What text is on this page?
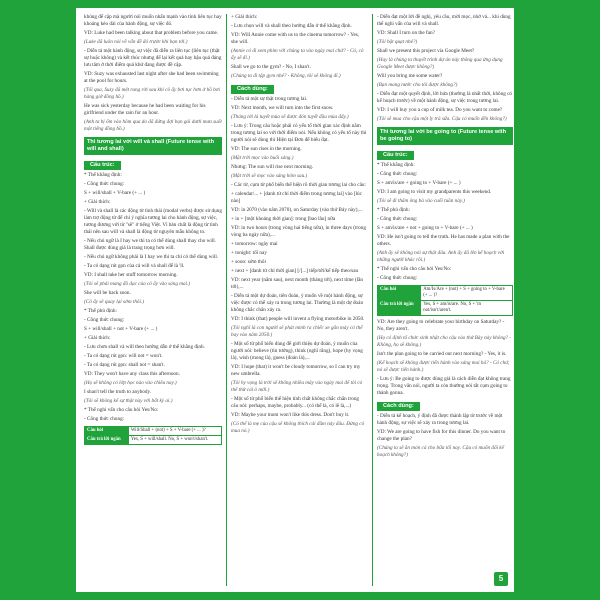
khủng để cập mà người nói muốn nhấn mạnh vào tính liên tục hay khoảng kéo dài của hành động, sự việc đó.

VD: Luke had been talking about that problem before you came.

(Luke đã luôn nói về vấn đề đó trước khi bạn tới.)

- Diễn tả một hành động, sự việc đã diễn ra liên tục (liên tục (thật sự hoặc không) và kết thúc nhưng để lại kết quả hay hậu quả đáng lưu tâm ở thời điểm quá khứ đang được đề cập.

VD: Suzy was exhausted last night after she had been swimming at the pool for hours.

(Tối qua, Suzy đã mệt rung rời sau khi cô ấy bơi tục hơn ở hồ bơi hàng giờ đồng hồ.)

He was sick yesterday because he had been waiting for his girlfriend under the rain for an hour.

(Anh ta bị ốm vào hôm qua do đã đứng đợi bạn gái dưới mưa suốt một tiếng đồng hồ.)

Thì tương lai với will và shall (Future tense with will and shall)
Cấu trúc:

* Thể khẳng định:

- Công thức chung:

S + will/shall + V-bare (+ ... )

+ Giải thích:

- Will và shall là các động từ tình thái (modal verbs) được sử dụng làm trợ động từ để chỉ ý nghĩa tương lai cho hành động, sự việc, tương đương với từ "sẽ" ở tiếng Việt. Vì bản chất là động từ tình thái nên sau will và shall là động từ nguyên mẫu không to.

- Nếu chủ ngữ là I hay we thì ta có thể dùng shall thay cho will. Shall được dùng giả là trang trọng hơn will.

- Nếu chủ ngữ không phải là I hay we thì ta chỉ có thể dùng will.

- Ta có dạng rút gọn của cả will và shall để là 'll.

VD: I shall take her stuff tomorrow morning.

(Tôi sẽ phải mang đồ đạc của cô ấy vào sáng mai.)

She will be back soon.

(Cô ấy sẽ quay lại sớm thôi.)

* Thể phủ định:

- Công thức chung:

S + will/shall + not + V-bare (+ ... )

+ Giải thích:

- Lưu chơn shall và will theo hướng dẫn ở thể khẳng định.

- Ta có dạng rút gọn: will not = won't.

- Ta có dạng rút gọn: shall not = shan't.

VD: They won't have any class this afternoon.

(Họ sẽ không có lớp học nào vào chiều nay.)

I shan't tell the truth to anybody.

(Tôi sẽ không kể sự thật này với bất kỳ ai.)

* Thể nghi vấn cho câu hỏi Yes/No:

- Công thức chung:

Câu hỏi	Will/Shall + (not) + S + V-bare (+ ... )?
Câu trả lời ngắn	Yes, S + will/shall. No, S + won't/shan't.

+ Giải thích:

- Lưu chọn will và shall theo hướng dẫn ở thể khẳng định.

VD: Will Annie come with us to the cinema tomorrow? - Yes, she will.

(Annie có đi xem phim với chúng ta vào ngày mai chứ? - Có, cô ấy sẽ đi.)

Shall we go to the gym? - No, I shan't.

(Chúng ta đi tập gym nhé? - Không, tôi sẽ không đi.)

Cách dùng:

- Diễn tả một sự thật trong tương lai.

VD: Next month, we will turn into the first snow.

(Tháng tới là tuyết mùa sẽ được đón tuyết đầu mùa đấy.)

- Lưu ý: Trong câu hoặc phải có yếu tố thời gian xác định nằm trong tương lai so với thời điểm nói. Nếu không có yếu tố này thì người nói sẽ dùng thì Hiện tại Đơn để biểu đạt.

VD: The sun rises in the morning.

(Mặt trời mọc vào buổi sáng.)

Nhưng: The sun will rise next morning.

(Mặt trời sẽ mọc vào sáng hôm sau.)

- Các từ, cụm từ phổ biến thể hiện rõ thời gian tương lai cho câu:

+ calendar/... + [danh từ chỉ thời điểm trong tương lai] vào [lúc nào]

VD: in 2070 (vào năm 2070), on Saturday (vào thứ Bảy này),...

+ in + [một khoảng thời gian]: trong [bao lâu] nữa

VD: in two hours (trong vòng hai tiếng nữa), in three days (trong vòng ba ngày nữa),...

+ tomorrow: ngày mai

+ tonight: tối nay

+ soon: sớm thôi

+ next + [danh từ chỉ thời gian] [/[...] tiếp/tới/kế tiếp theo/sau

VD: next year (năm sau), next month (tháng tới), next time (lần tới),...

- Diễn tả một dự đoán, tiên đoán, ý muốn về một hành động, sự việc được có thể xảy ra trong tương lai. Thường là một dự đoán không chắc chắn xảy ra.

VD: I think (that) people will invent a flying motorbike in 2050.

(Tôi nghĩ là con người sẽ phát minh ra chiếc xe gắn máy có thể bay vào năm 2050.)

- Một số từ phổ biến dùng để giới thiệu dự đoán, ý muốn của người nói: believe (tin tưởng), think (nghĩ rằng), hope (hy vọng là), wish (mong là), guess (đoán là),...

VD: I hope (that) it won't be cloudy tomorrow, so I can try my new umbrella.

(Tôi hy vọng là trời sẽ không nhiều mây vào ngày mai để tôi có thể thử cái ô mới.)

- Một số từ phổ biến thể hiện tính chất không chắc chắn trong câu nói: perhaps, maybe, probably... (có thể là, có lẽ là,...)

VD: Maybe your mom won't like this dress. Don't buy it.

(Có thể là mẹ của cậu sẽ không thích cái đầm này đâu. Đừng có mua nó.)

- Diễn đạt một lời đề nghị, yêu cầu, mời mọc, nhờ vả... khi dùng thể nghi vấn của will và shall.

VD: Shall I turn on the fan?

(Tôi bật quạt nhé?)

Shall we present this project via Google Meet?

(Hay là chúng ta thuyết trình dự án này thông qua ứng dụng Google Meet được không?)

Will you bring me some water?

(Bạn mang nước cho tôi được không?)

- Diễn đạt một quyết định, lời hứa (thường là nhất thời, không có kế hoạch trước) về một hành động, sự việc trong tương lai.

VD: I will buy you a cup of milk tea. Do you want to come?

(Tôi sẽ mua cho cậu một ly trà sữa. Cậu có muốn đến không?)

Thì tương lai với be going to (Future tense with be going to)
Cấu trúc:

* Thể khẳng định:

- Công thức chung:

S + am/is/are + going to + V-bare (+ ... )

VD: I am going to visit my grandparents this weekend.

(Tôi sẽ đi thăm ông bà vào cuối tuần này.)

* Thể phủ định:

- Công thức chung:

S + am/is/are + not + going to + V-bare (+ ... )

VD: He isn't going to tell the truth. He has made a plan with the others.

(Anh ấy sẽ không nói sự thật đâu. Anh ấy đã lên kế hoạch với những người khác rồi.)

* Thể nghi vấn cho câu hỏi Yes/No:

- Công thức chung:

Câu hỏi	Am/Is/Are + (not) + S + going to + V-bare (+ ... )?
Câu trả lời ngắn	Yes, S + am/is/are. No, S + 'm not/isn't/aren't.

VD: Are they going to celebrate your birthday on Saturday? - No, they aren't.

(Họ có định tổ chức sinh nhật cho cậu vào thứ Bảy này không? - Không, họ sẽ không.)

Isn't the plan going to be carried out next morning? - Yes, it is.

(Kế hoạch sẽ không được tiến hành vào sáng mai hả? - Có chứ, nó sẽ được tiến hành.)

- Lưu ý: Be going to được dùng giả là cách diễn đạt không trang trọng. Trong văn nói, người ta còn thường nói tắt cụm going to thành gonna.

Cách dùng:

- Diễn tả kế hoạch, ý định đã được thành lập từ trước về một hành động, sự việc sẽ xảy ra trong tương lai.

VD: We are going to have fish for this dinner. Do you want to change the plan?

(Chúng ta sẽ ăn món cá cho bữa tối nay. Cậu có muốn đổi kế hoạch không?)

5
